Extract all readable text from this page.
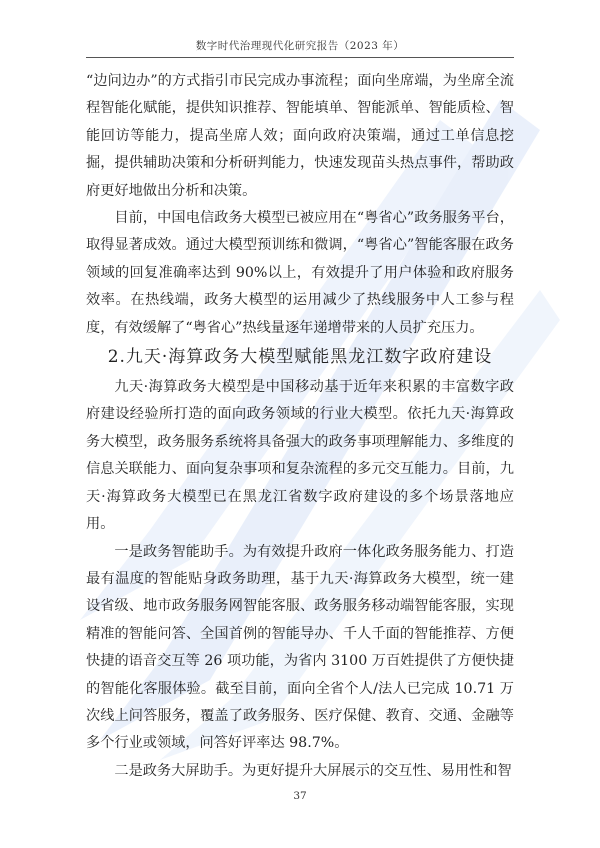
数字时代治理现代化研究报告（2023 年）

“边问边办”的方式指引市民完成办事流程；面向坐席端，为坐席全流程智能化赋能，提供知识推荐、智能填单、智能派单、智能质检、智能回访等能力，提高坐席人效；面向政府决策端，通过工单信息挖掘，提供辅助决策和分析研判能力，快速发现苗头热点事件，帮助政府更好地做出分析和决策。

目前，中国电信政务大模型已被应用在“粤省心”政务服务平台，取得显著成效。通过大模型预训练和微调，“粤省心”智能客服在政务领域的回复准确率达到 90%以上，有效提升了用户体验和政府服务效率。在热线端，政务大模型的运用减少了热线服务中人工参与程度，有效缓解了“粤省心”热线量逐年递增带来的人员扩充压力。

2.九天·海算政务大模型赋能黑龙江数字政府建设

九天·海算政务大模型是中国移动基于近年来积累的丰富数字政府建设经验所打造的面向政务领域的行业大模型。依托九天·海算政务大模型，政务服务系统将具备强大的政务事项理解能力、多维度的信息关联能力、面向复杂事项和复杂流程的多元交互能力。目前，九天·海算政务大模型已在黑龙江省数字政府建设的多个场景落地应用。

一是政务智能助手。为有效提升政府一体化政务服务能力、打造最有温度的智能贴身政务助理，基于九天·海算政务大模型，统一建设省级、地市政务服务网智能客服、政务服务移动端智能客服，实现精准的智能问答、全国首例的智能导办、千人千面的智能推荐、方便快捷的语音交互等 26 项功能，为省内 3100 万百姓提供了方便快捷的智能化客服体验。截至目前，面向全省个人/法人已完成 10.71 万次线上问答服务，覆盖了政务服务、医疗保健、教育、交通、金融等多个行业或领域，问答好评率达 98.7%。

二是政务大屏助手。为更好提升大屏展示的交互性、易用性和智

37
